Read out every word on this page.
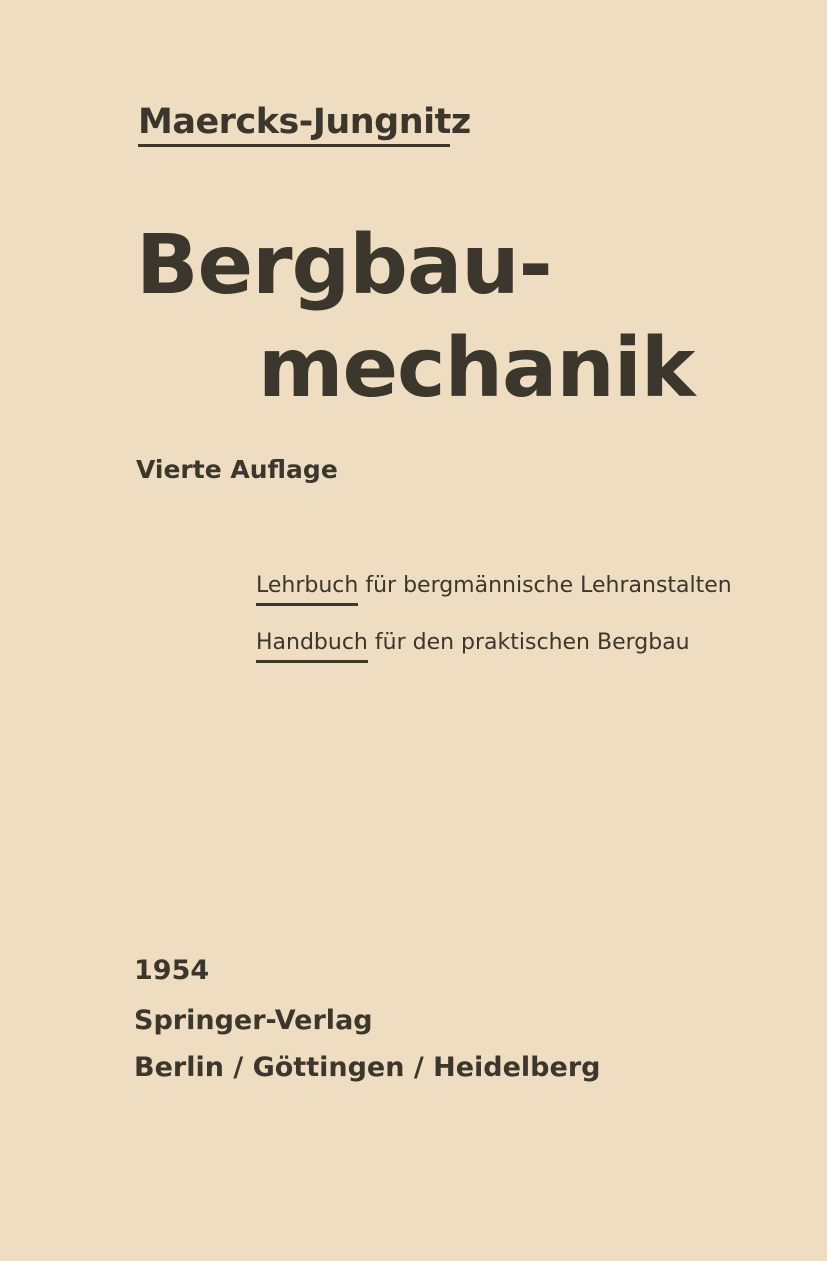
Maercks-Jungnitz
Bergbau-
mechanik
Vierte Auflage
Lehrbuch für bergmännische Lehranstalten
Handbuch für den praktischen Bergbau
1954
Springer-Verlag
Berlin / Göttingen / Heidelberg
